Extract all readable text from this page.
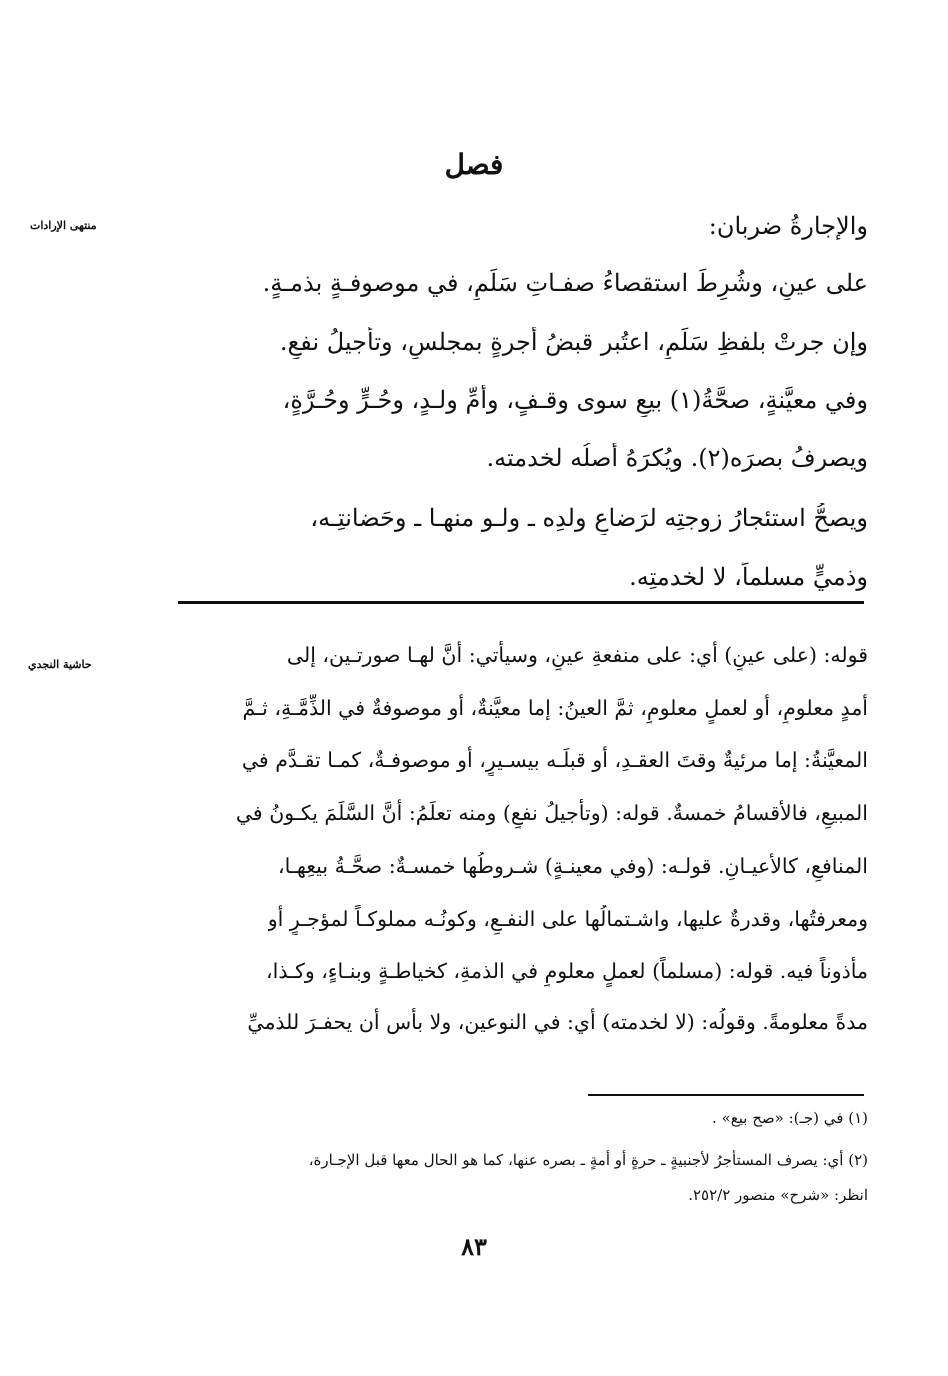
فصل
منتهى الإرادات
حاشية النجدي
والإجارةُ ضربان:
على عينٍ، وشُرِطَ استقصاءُ صفـاتِ سَلَمٍ، في موصوفـةٍ بذمـةٍ.
وإن جرتْ بلفظِ سَلَمٍ، اعتُبر قبضُ أجرةٍ بمجلسٍ، وتأجيلُ نفعٍ.
وفي معيَّنةٍ، صحَّةُ(١) بيعٍ سوى وقـفٍ، وأمِّ ولـدٍ، وحُـرٍّ وحُـرَّةٍ،
ويصرفُ بصرَه(٢). ويُكرَهُ أصلُه لخدمته.
ويصحُّ استئجارُ زوجتِه لرَضاعِ ولدِه ـ ولـو منهـا ـ وحَضانتِـه،
وذميٍّ مسلماً، لا لخدمتِه.
قوله: (على عينٍ) أي: على منفعةِ عينٍ، وسيأتي: أنَّ لهـا صورتـين، إلى
أمدٍ معلومٍ، أو لعملٍ معلومٍ، ثمَّ العينُ: إما معيَّنةٌ، أو موصوفةٌ في الذِّمَّـةِ، ثـمَّ
المعيَّنةُ: إما مرئيةٌ وقتَ العقـدِ، أو قبلَـه بيسـيرٍ، أو موصوفـةٌ، كمـا تقـدَّم في
المبيعِ، فالأقسامُ خمسةٌ. قوله: (وتأجيلُ نفعٍ) ومنه تعلَمُ: أنَّ السَّلَمَ يكـونُ في
المنافعِ، كالأعيـانِ. قولـه: (وفي معينـةٍ) شـروطُها خمسـةٌ: صحَّـةُ بيعِهـا،
ومعرفتُها، وقدرةٌ عليها، واشـتمالُها على النفـعِ، وكونُـه مملوكـاً لمؤجـرٍ أو
مأذوناً فيه. قوله: (مسلماً) لعملٍ معلومٍ في الذمةِ، كخياطـةٍ وبنـاءٍ، وكـذا،
مدةً معلومةً. وقولُه: (لا لخدمته) أي: في النوعين، ولا بأس أن يحفـرَ للذميِّ
(١) في (جـ): «صح بيع» .
(٢) أي: يصرف المستأجرُ لأجنبيةٍ ـ حرةٍ أو أمةٍ ـ بصره عنها، كما هو الحال معها قبل الإجـارة،
انظر: «شرح» منصور ٢٥٢/٢.
٨٣
